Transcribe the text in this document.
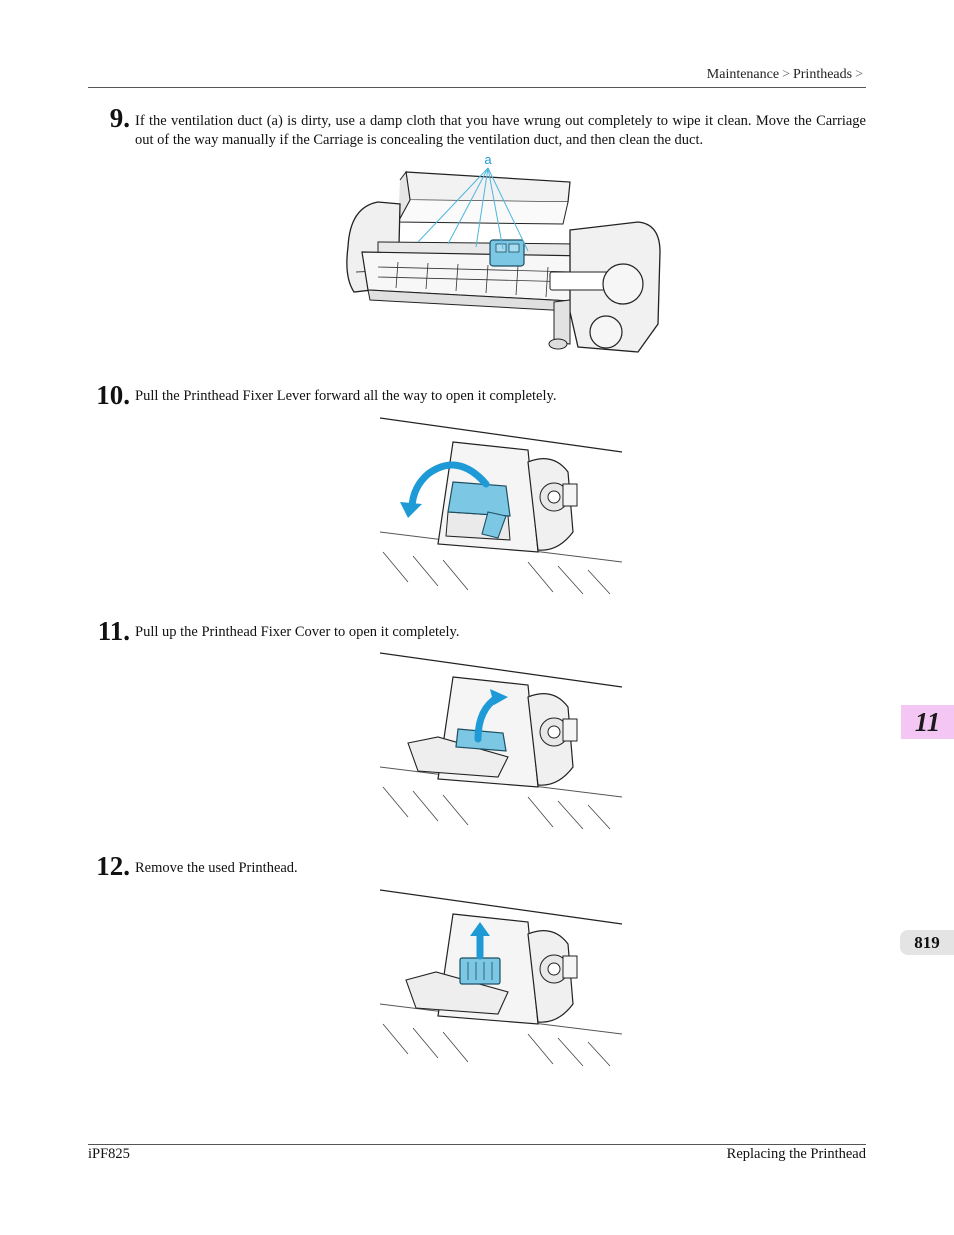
Maintenance > Printheads >
9. If the ventilation duct (a) is dirty, use a damp cloth that you have wrung out completely to wipe it clean. Move the Carriage out of the way manually if the Carriage is concealing the ventilation duct, and then clean the duct.
a
10. Pull the Printhead Fixer Lever forward all the way to open it completely.
11. Pull up the Printhead Fixer Cover to open it completely.
12. Remove the used Printhead.
11
819
iPF825	Replacing the Printhead
